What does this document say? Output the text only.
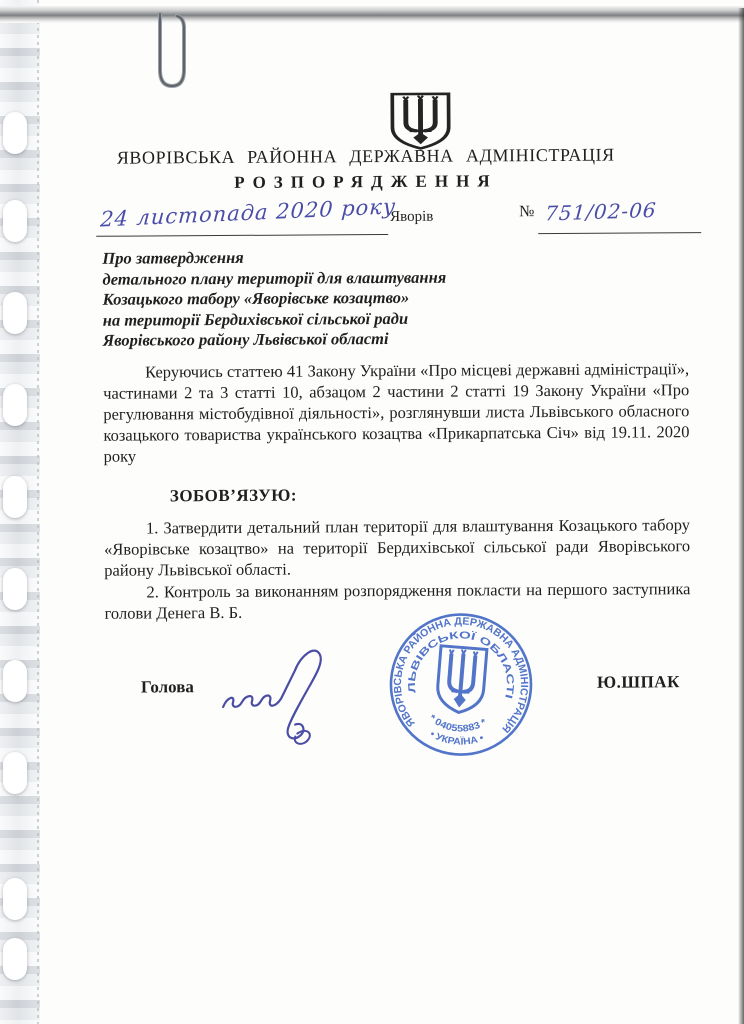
ЯВОРІВСЬКА РАЙОННА ДЕРЖАВНА АДМІНІСТРАЦІЯ
РОЗПОРЯДЖЕННЯ
24 листопада 2020 року
Яворів	№ 751/02-06
Про затвердження
детального плану території для влаштування
Козацького табору «Яворівське козацтво»
на території Бердихівської сільської ради
Яворівського району Львівської області
Керуючись статтею 41 Закону України «Про місцеві державні адміністрації», частинами 2 та 3 статті 10, абзацом 2 частини 2 статті 19 Закону України «Про регулювання містобудівної діяльності», розглянувши листа Львівського обласного козацького товариства українського козацтва «Прикарпатська Січ» від 19.11. 2020 року
ЗОБОВ’ЯЗУЮ:
1. Затвердити детальний план території для влаштування Козацького табору «Яворівське козацтво» на території Бердихівської сільської ради Яворівського району Львівської області.
2. Контроль за виконанням розпорядження покласти на першого заступника голови Денега В. Б.
Голова
ЯВОРІВСЬКА РАЙОННА ДЕРЖАВНА АДМІНІСТРАЦІЯ
ЛЬВІВСЬКОЇ ОБЛАСТІ
* 04055883 *
• УКРАЇНА •
Ю.ШПАК
